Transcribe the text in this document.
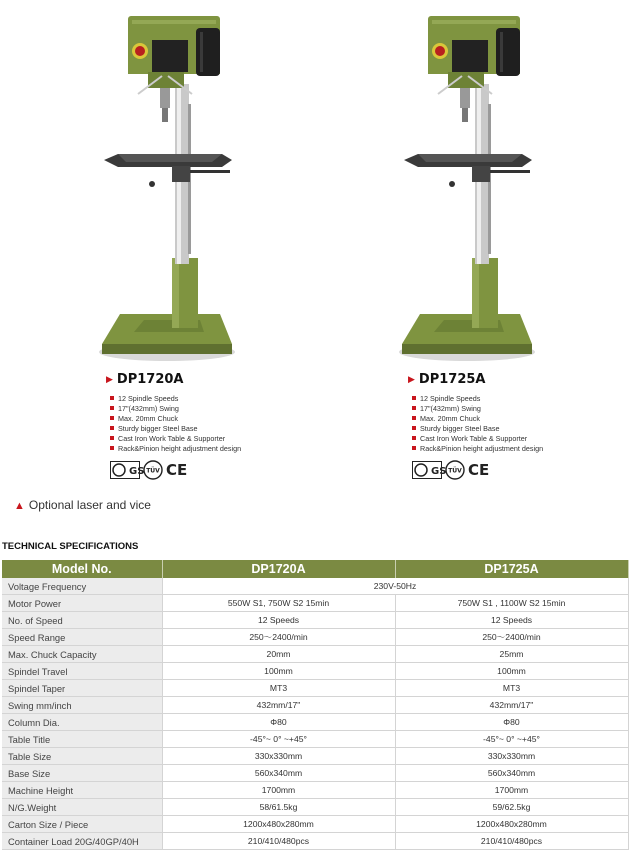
▶ DP1720A
12 Spindle Speeds
17"(432mm) Swing
Max. 20mm Chuck
Sturdy bigger Steel Base
Cast Iron Work Table & Supporter
Rack&Pinion height adjustment design
GS TÜV CE
▶ DP1725A
12 Spindle Speeds
17"(432mm) Swing
Max. 20mm Chuck
Sturdy bigger Steel Base
Cast Iron Work Table & Supporter
Rack&Pinion height adjustment design
GS TÜV CE
▲ Optional laser and vice
TECHNICAL SPECIFICATIONS
Model No.	DP1720A	DP1725A
Voltage Frequency	230V-50Hz	
Motor Power	550W S1, 750W S2 15min	750W S1 , 1100W S2 15min
No. of Speed	12 Speeds	12 Speeds
Speed Range	250～2400/min	250～2400/min
Max. Chuck Capacity	20mm	25mm
Spindel Travel	100mm	100mm
Spindel Taper	MT3	MT3
Swing mm/inch	432mm/17"	432mm/17"
Column Dia.	Φ80	Φ80
Table Title	-45°~ 0° ~+45°	-45°~ 0° ~+45°
Table Size	330x330mm	330x330mm
Base Size	560x340mm	560x340mm
Machine Height	1700mm	1700mm
N/G.Weight	58/61.5kg	59/62.5kg
Carton Size / Piece	1200x480x280mm	1200x480x280mm
Container Load 20G/40GP/40H	210/410/480pcs	210/410/480pcs
